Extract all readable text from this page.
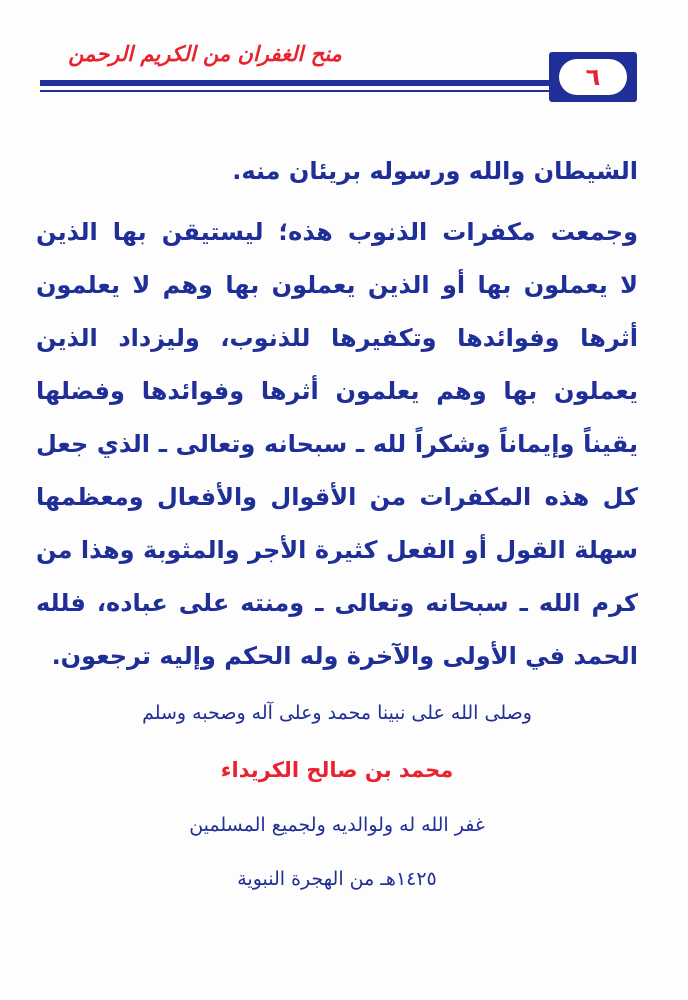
منح الغفران من الكريم الرحمن
٦
الشيطان والله ورسوله بريئان منه.
وجمعت مكفرات الذنوب هذه؛ ليستيقن بها الذين
لا يعملون بها أو الذين يعملون بها وهم لا يعلمون
أثرها وفوائدها وتكفيرها للذنوب، وليزداد الذين
يعملون بها وهم يعلمون أثرها وفوائدها وفضلها
يقيناً وإيماناً وشكراً لله ـ سبحانه وتعالى ـ الذي جعل
كل هذه المكفرات من الأقوال والأفعال ومعظمها
سهلة القول أو الفعل كثيرة الأجر والمثوبة وهذا من
كرم الله ـ سبحانه وتعالى ـ ومنته على عباده، فلله
الحمد في الأولى والآخرة وله الحكم وإليه ترجعون.
وصلى الله على نبينا محمد وعلى آله وصحبه وسلم
محمد بن صالح الكريداء
غفر الله له ولوالديه ولجميع المسلمين
١٤٢٥هـ من الهجرة النبوية
